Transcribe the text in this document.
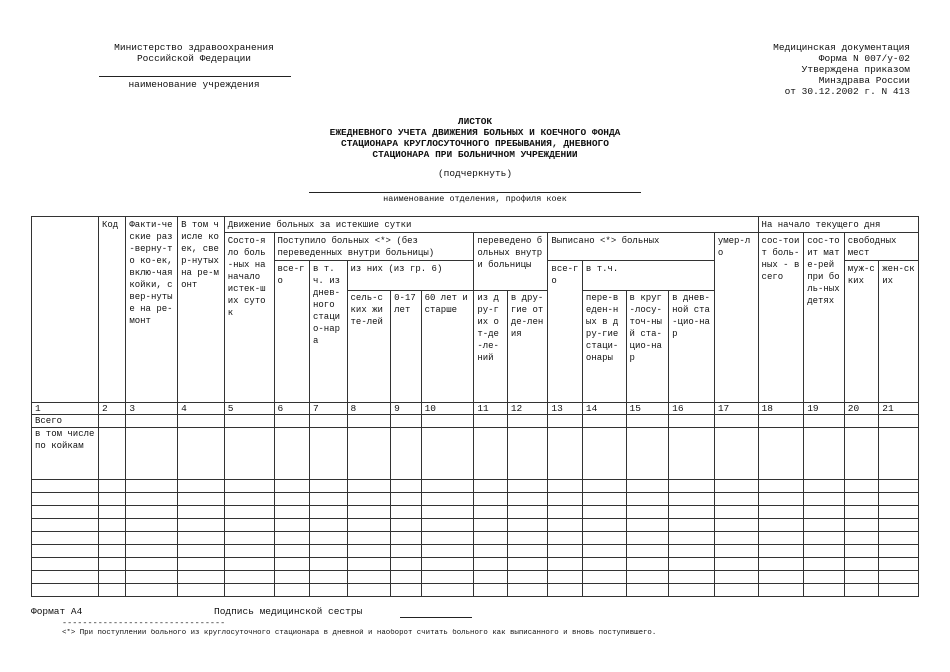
Министерство здравоохранения
Российской Федерации
наименование учреждения
Медицинская документация
Форма N 007/у-02
Утверждена приказом
Минздрава России
от 30.12.2002 г. N 413
ЛИСТОК
ЕЖЕДНЕВНОГО УЧЕТА ДВИЖЕНИЯ БОЛЬНЫХ И КОЕЧНОГО ФОНДА
СТАЦИОНАРА КРУГЛОСУТОЧНОГО ПРЕБЫВАНИЯ, ДНЕВНОГО
СТАЦИОНАРА ПРИ БОЛЬНИЧНОМ УЧРЕЖДЕНИИ
(подчеркнуть)
наименование отделения, профиля коек
	Код	Факти-ческие раз-верну-то ко-ек, вклю-чая койки, свер-нутые на ре-монт	В том числе коек, свер-нутых на ре-монт	Движение больных за истекшие сутки													На начало текущего дня			
				Состо-яло боль-ных на начало истек-ших суток	Поступило больных <*> (без переведенных внутри больницы)					переведено больных внутри больницы		Выписано <*> больных				умер-ло	сос-тоит боль-ных - всего	сос-тоит мате-рей при боль-ных детях	свободных мест	
					все-го	в т.ч. из днев-ного стацио-нара	из них (из гр. 6)					все-го	в т.ч.						муж-ских	жен-ских
							сель-ских жите-лей	0-17 лет	60 лет и старше	из дру-гих от-де-ле-ний	в дру-гие отде-ления		пере-веден-ных в дру-гие стаци-онары	в круг-лосу-точ-ный ста-цио-нар	в днев-ной ста-цио-нар					
1	2	3	4	5	6	7	8	9	10	11	12	13	14	15	16	17	18	19	20	21
Всего																				
в том числе по койкам																				

Формат А4	Подпись медицинской сестры
--------------------------------
<*> При поступлении больного из круглосуточного стационара в дневной и наоборот считать больного как выписанного и вновь поступившего.
